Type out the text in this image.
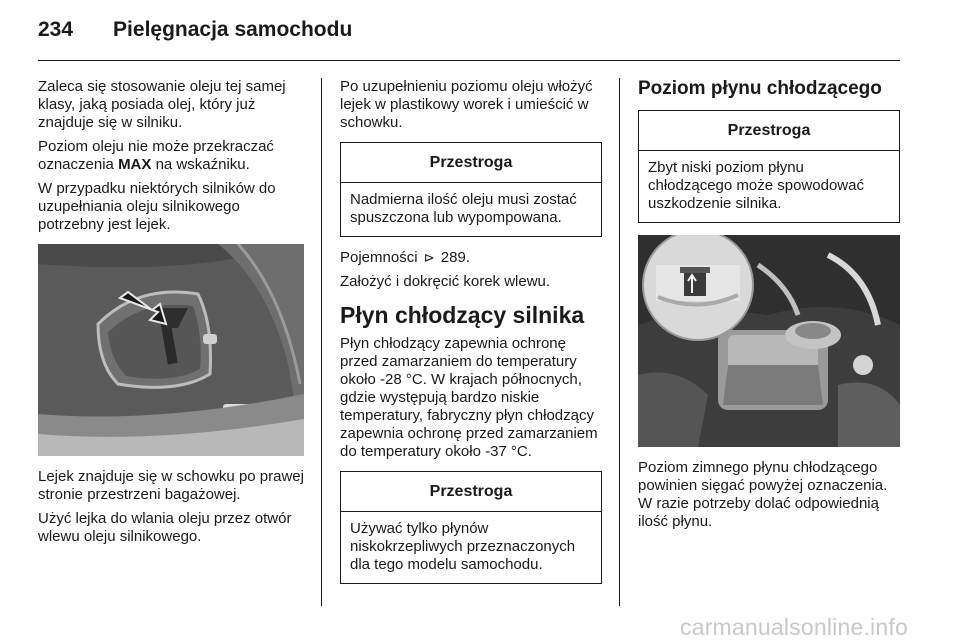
234 Pielęgnacja samochodu

Zaleca się stosowanie oleju tej samej klasy, jaką posiada olej, który już znajduje się w silniku.

Poziom oleju nie może przekraczać oznaczenia MAX na wskaźniku.

W przypadku niektórych silników do uzupełniania oleju silnikowego potrzebny jest lejek.

Lejek znajduje się w schowku po prawej stronie przestrzeni bagażowej.

Użyć lejka do wlania oleju przez otwór wlewu oleju silnikowego.

Po uzupełnieniu poziomu oleju włożyć lejek w plastikowy worek i umieścić w schowku.

Przestroga
Nadmierna ilość oleju musi zostać spuszczona lub wypompowana.

Pojemności ⊳ 289.

Założyć i dokręcić korek wlewu.

Płyn chłodzący silnika

Płyn chłodzący zapewnia ochronę przed zamarzaniem do temperatury około -28 °C. W krajach północnych, gdzie występują bardzo niskie temperatury, fabryczny płyn chłodzący zapewnia ochronę przed zamarzaniem do temperatury około -37 °C.

Przestroga
Używać tylko płynów niskokrzepliwych przeznaczonych dla tego modelu samochodu.
Poziom płynu chłodzącego
Przestroga
Zbyt niski poziom płynu chłodzącego może spowodować uszkodzenie silnika.

Poziom zimnego płynu chłodzącego powinien sięgać powyżej oznaczenia. W razie potrzeby dolać odpowiednią ilość płynu.

carmanualsonline.info
